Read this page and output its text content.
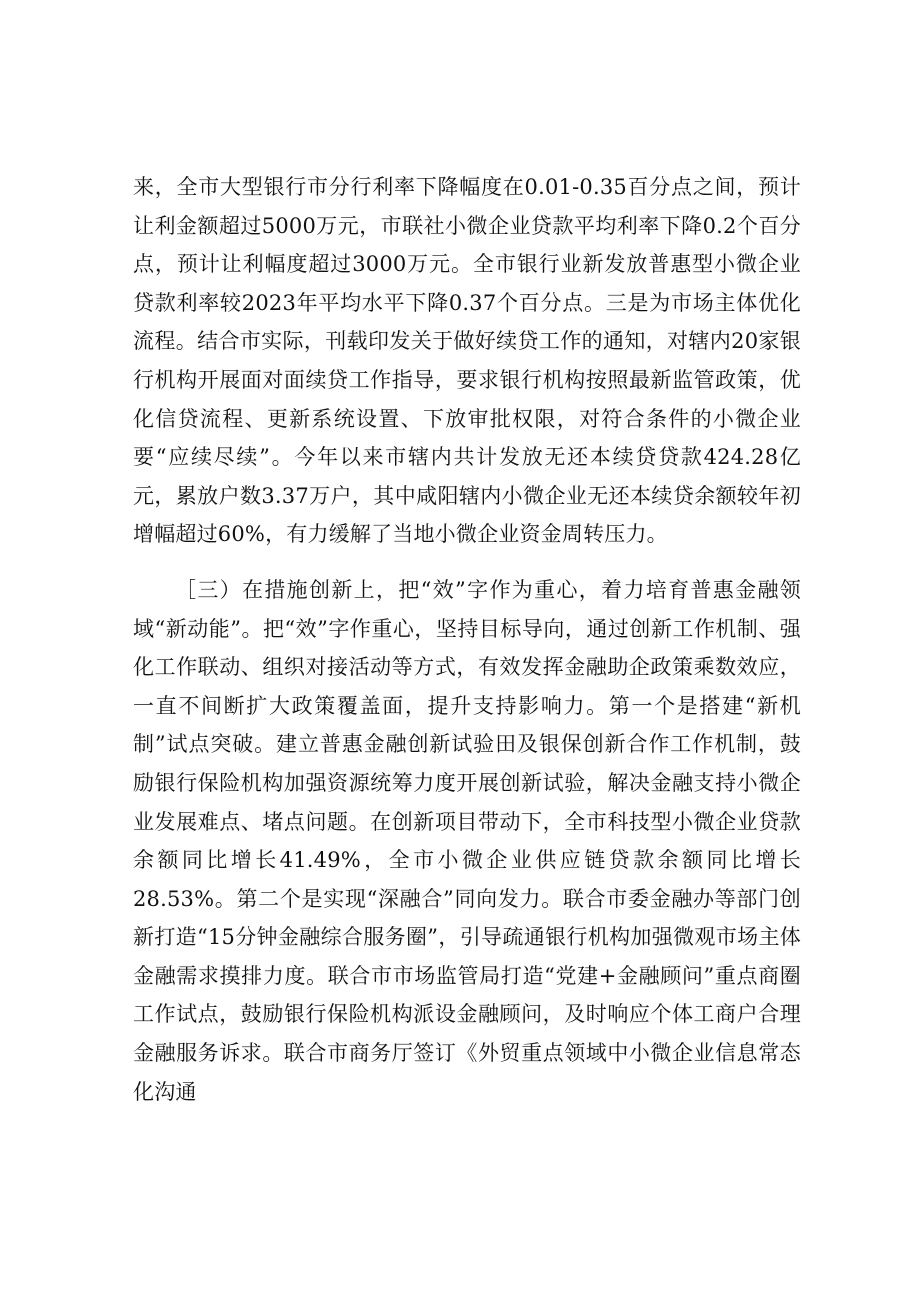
来，全市大型银行市分行利率下降幅度在0.01-0.35百分点之间，预计让利金额超过5000万元，市联社小微企业贷款平均利率下降0.2个百分点，预计让利幅度超过3000万元。全市银行业新发放普惠型小微企业贷款利率较2023年平均水平下降0.37个百分点。三是为市场主体优化流程。结合市实际，刊载印发关于做好续贷工作的通知，对辖内20家银行机构开展面对面续贷工作指导，要求银行机构按照最新监管政策，优化信贷流程、更新系统设置、下放审批权限，对符合条件的小微企业要“应续尽续”。今年以来市辖内共计发放无还本续贷贷款424.28亿元，累放户数3.37万户，其中咸阳辖内小微企业无还本续贷余额较年初增幅超过60%，有力缓解了当地小微企业资金周转压力。

［三）在措施创新上，把“效”字作为重心，着力培育普惠金融领域“新动能”。把“效”字作重心，坚持目标导向，通过创新工作机制、强化工作联动、组织对接活动等方式，有效发挥金融助企政策乘数效应，一直不间断扩大政策覆盖面，提升支持影响力。第一个是搭建“新机制”试点突破。建立普惠金融创新试验田及银保创新合作工作机制，鼓励银行保险机构加强资源统筹力度开展创新试验，解决金融支持小微企业发展难点、堵点问题。在创新项目带动下，全市科技型小微企业贷款余额同比增长41.49%，全市小微企业供应链贷款余额同比增长28.53%。第二个是实现“深融合”同向发力。联合市委金融办等部门创新打造“15分钟金融综合服务圈”，引导疏通银行机构加强微观市场主体金融需求摸排力度。联合市市场监管局打造“党建+金融顾问”重点商圈工作试点，鼓励银行保险机构派设金融顾问，及时响应个体工商户合理金融服务诉求。联合市商务厅签订《外贸重点领域中小微企业信息常态化沟通
